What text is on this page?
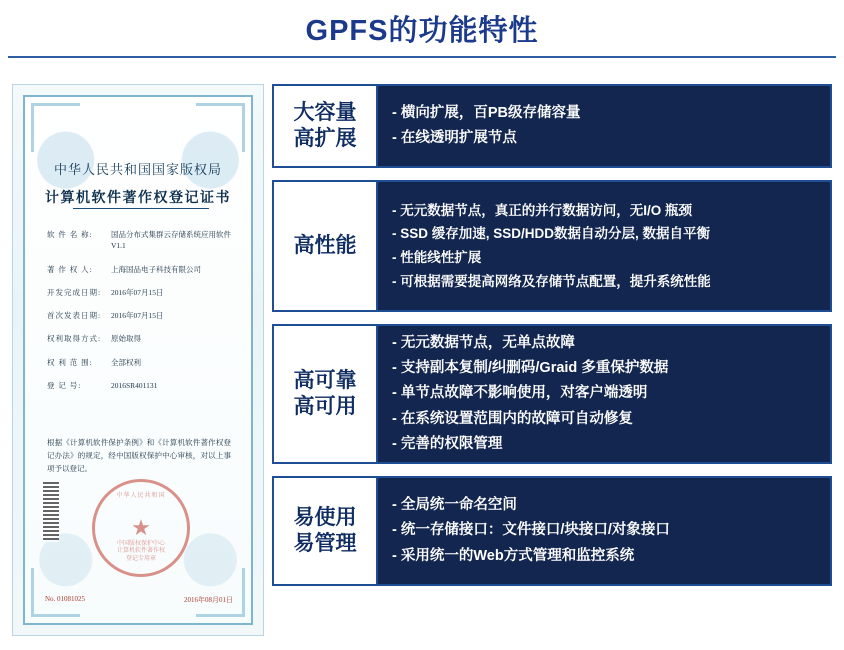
GPFS的功能特性
中华人民共和国国家版权局
计算机软件著作权登记证书
软 件 名 称:	国品分布式集群云存储系统应用软件
V1.1
著 作 权 人:	上海国品电子科技有限公司
开发完成日期:	2016年07月15日
首次发表日期:	2016年07月15日
权利取得方式:	原始取得
权 利 范 围:	全部权利
登 记 号:	2016SR401131
根据《计算机软件保护条例》和《计算机软件著作权登记办法》的规定，经中国版权保护中心审核，对以上事项予以登记。
中华人民共和国
★
中国版权保护中心
计算机软件著作权
登记专用章
No. 01081025	2016年08月01日
大容量
高扩展
- 横向扩展，百PB级存储容量
- 在线透明扩展节点
高性能
- 无元数据节点，真正的并行数据访问，无I/O 瓶颈
- SSD 缓存加速, SSD/HDD数据自动分层, 数据自平衡
- 性能线性扩展
- 可根据需要提高网络及存储节点配置，提升系统性能
高可靠
高可用
- 无元数据节点，无单点故障
- 支持副本复制/纠删码/Graid 多重保护数据
- 单节点故障不影响使用，对客户端透明
- 在系统设置范围内的故障可自动修复
- 完善的权限管理
易使用
易管理
- 全局统一命名空间
- 统一存储接口：文件接口/块接口/对象接口
- 采用统一的Web方式管理和监控系统
